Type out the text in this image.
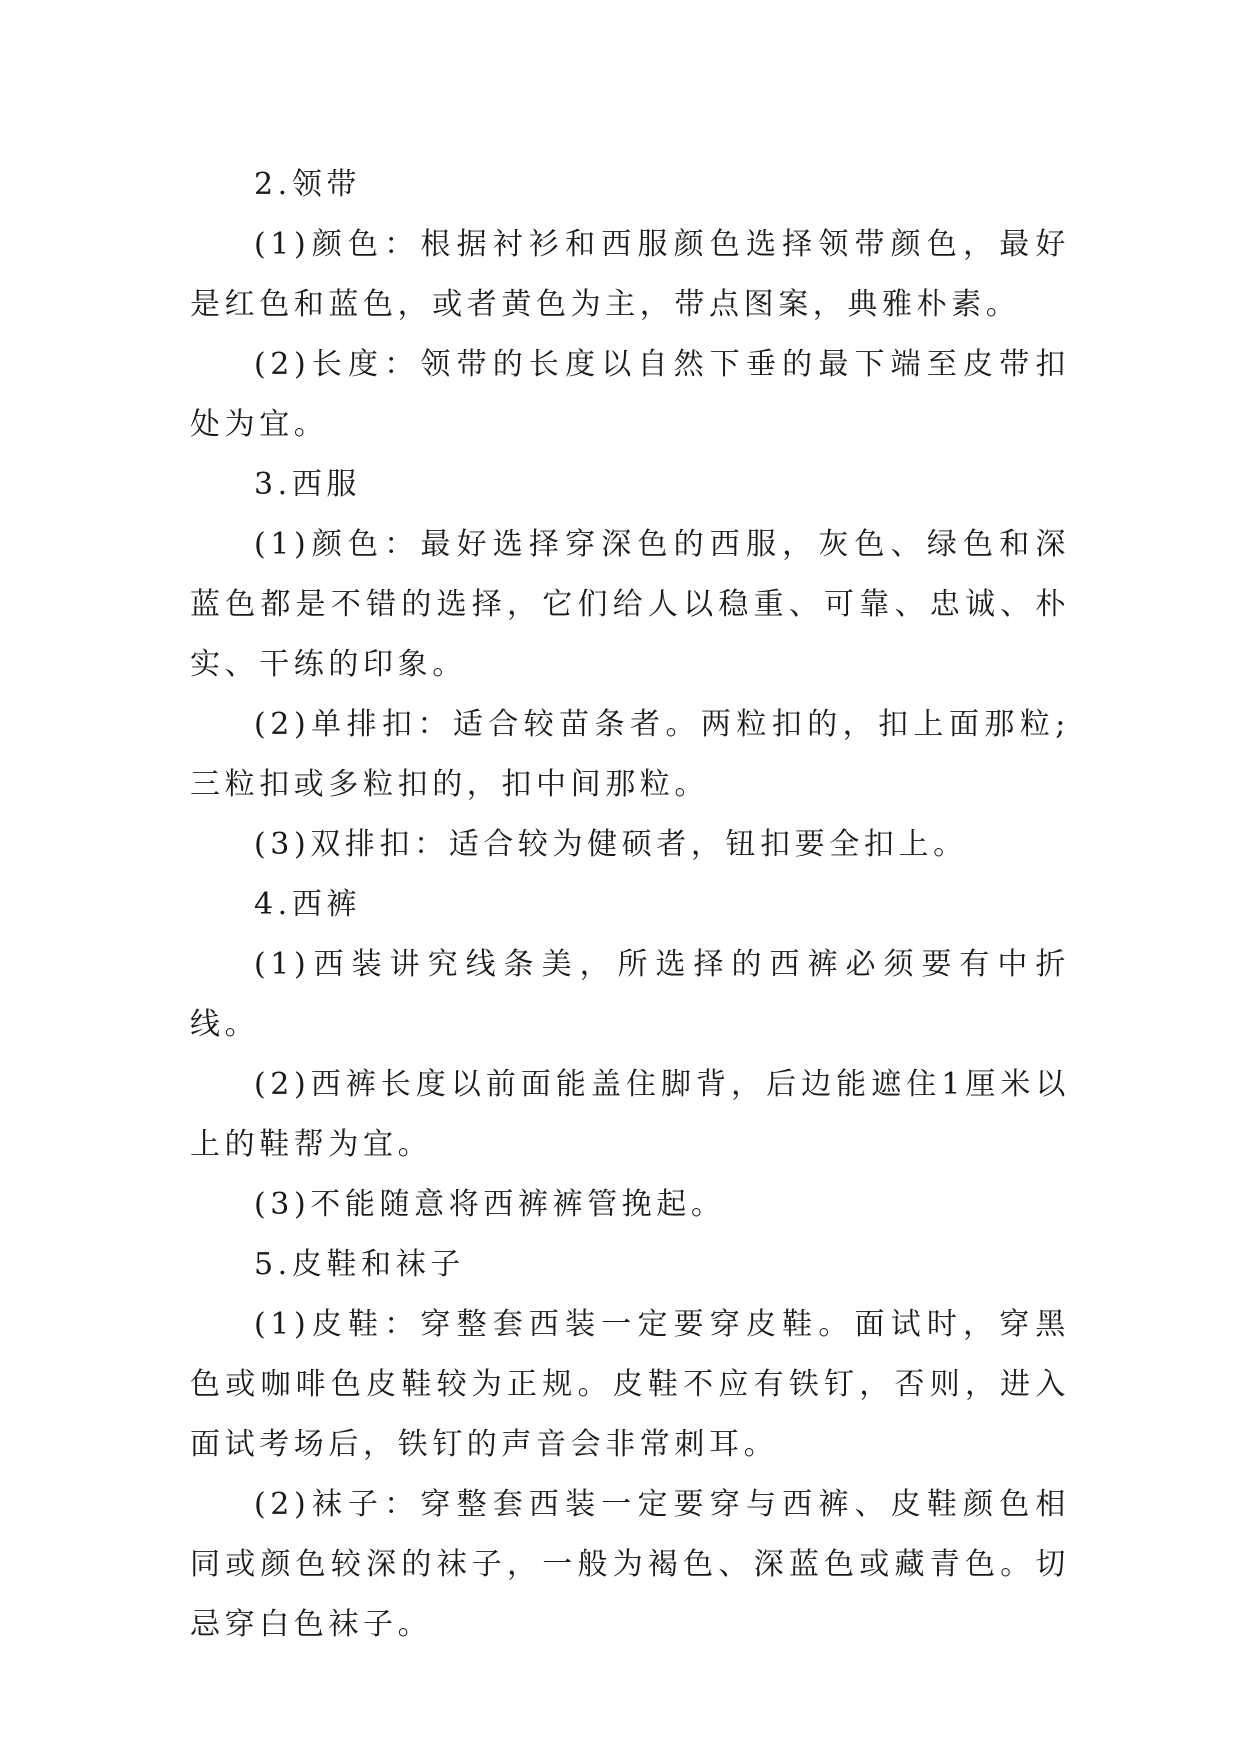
2.领带

(1)颜色：根据衬衫和西服颜色选择领带颜色，最好是红色和蓝色，或者黄色为主，带点图案，典雅朴素。

(2)长度：领带的长度以自然下垂的最下端至皮带扣处为宜。

3.西服

(1)颜色：最好选择穿深色的西服，灰色、绿色和深蓝色都是不错的选择，它们给人以稳重、可靠、忠诚、朴实、干练的印象。

(2)单排扣：适合较苗条者。两粒扣的，扣上面那粒;三粒扣或多粒扣的，扣中间那粒。

(3)双排扣：适合较为健硕者，钮扣要全扣上。

4.西裤

(1)西装讲究线条美，所选择的西裤必须要有中折线。

(2)西裤长度以前面能盖住脚背，后边能遮住1厘米以上的鞋帮为宜。

(3)不能随意将西裤裤管挽起。

5.皮鞋和袜子

(1)皮鞋：穿整套西装一定要穿皮鞋。面试时，穿黑色或咖啡色皮鞋较为正规。皮鞋不应有铁钉，否则，进入面试考场后，铁钉的声音会非常刺耳。

(2)袜子：穿整套西装一定要穿与西裤、皮鞋颜色相同或颜色较深的袜子，一般为褐色、深蓝色或藏青色。切忌穿白色袜子。
